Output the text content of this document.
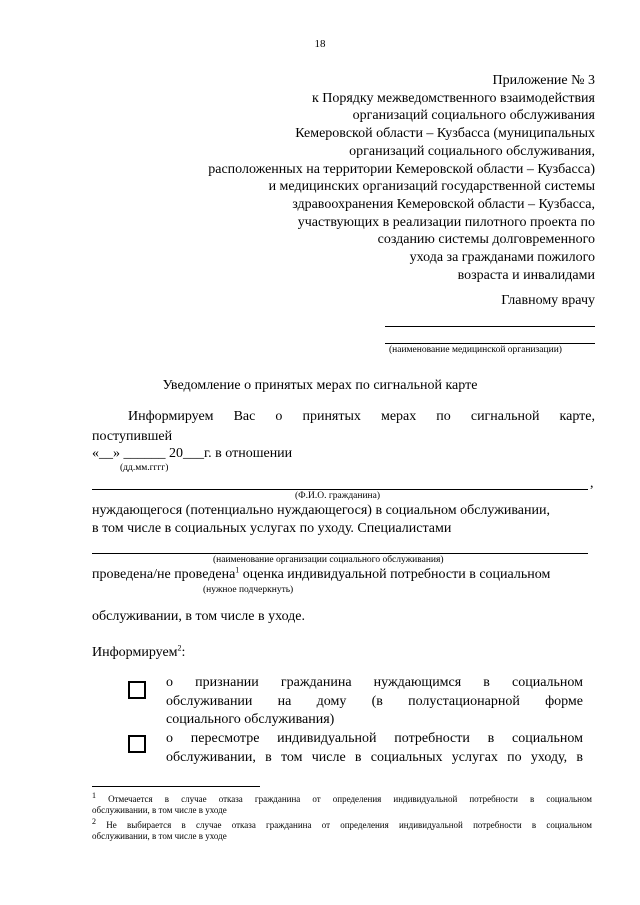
18
Приложение № 3
к Порядку межведомственного взаимодействия
организаций социального обслуживания
Кемеровской области – Кузбасса (муниципальных
организаций социального обслуживания,
расположенных на территории Кемеровской области – Кузбасса)
и медицинских организаций государственной системы
здравоохранения Кемеровской области – Кузбасса,
участвующих в реализации пилотного проекта по
созданию системы долговременного
ухода за гражданами пожилого
возраста и инвалидами
Главному врачу
(наименование медицинской организации)
Уведомление о принятых мерах по сигнальной карте
Информируем Вас о принятых мерах по сигнальной карте,
поступившей
«__» ______ 20___г. в отношении
(дд.мм.гггг)
,
(Ф.И.О. гражданина)
нуждающегося (потенциально нуждающегося) в социальном обслуживании,
в том числе в социальных услугах по уходу. Специалистами
(наименование организации социального обслуживания)
проведена/не проведена$^1$ оценка индивидуальной потребности в социальном
(нужное подчеркнуть)
обслуживании, в том числе в уходе.
Информируем$^2$:
о признании гражданина нуждающимся в социальном
обслуживании на дому (в полустационарной форме
социального обслуживания)
о пересмотре индивидуальной потребности в социальном
обслуживании, в том числе в социальных услугах по уходу, в
$^1$ Отмечается в случае отказа гражданина от определения индивидуальной потребности в социальном
обслуживании, в том числе в уходе
$^2$ Не выбирается в случае отказа гражданина от определения индивидуальной потребности в социальном
обслуживании, в том числе в уходе
